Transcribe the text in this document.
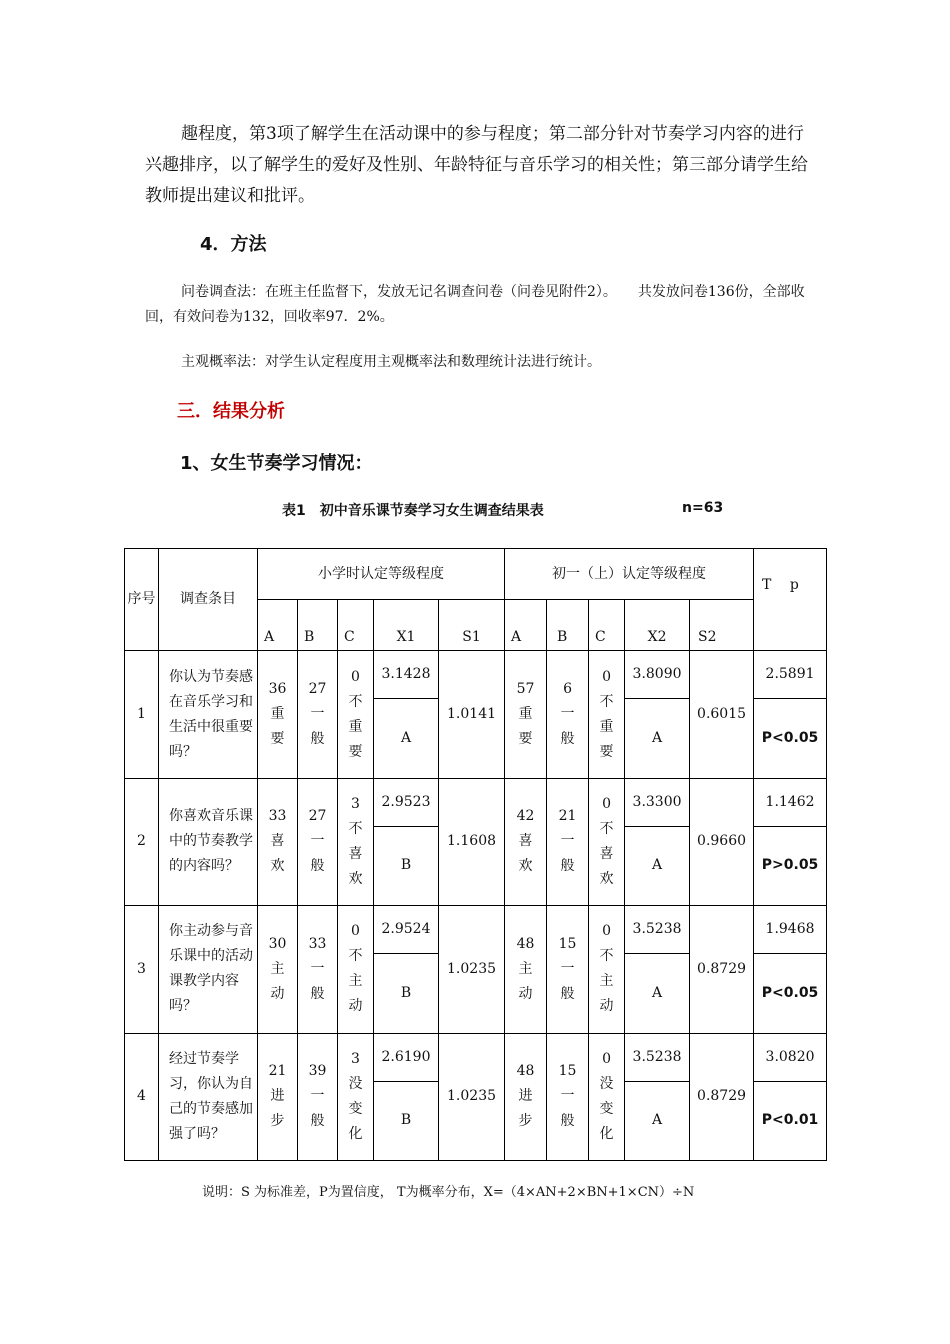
趣程度，第3项了解学生在活动课中的参与程度；第二部分针对节奏学习内容的进行兴趣排序，以了解学生的爱好及性别、年龄特征与音乐学习的相关性；第三部分请学生给教师提出建议和批评。

4．方法

问卷调查法：在班主任监督下，发放无记名调查问卷（问卷见附件2）。　　共发放问卷136份，全部收回，有效问卷为132，回收率97．2%。

主观概率法：对学生认定程度用主观概率法和数理统计法进行统计。

三．结果分析

1、女生节奏学习情况：

表1　初中音乐课节奏学习女生调查结果表	n=63
序号	调查条目	小学时认定等级程度					初一（上）认定等级程度					T　 p
		A	B	C	X1	S1	A	B	C	X2	S2	
1	你认为节奏感在音乐学习和生活中很重要吗？	36重要	27一般	0不重要	3.1428	1.0141	57重要	6一般	0不重要	3.8090	0.6015	2.5891
					A					A		P<0.05
2	你喜欢音乐课中的节奏教学的内容吗？	33喜欢	27一般	3不喜欢	2.9523	1.1608	42喜欢	21一般	0不喜欢	3.3300	0.9660	1.1462
					B					A		P>0.05
3	你主动参与音乐课中的活动课教学内容吗？	30主动	33一般	0不主动	2.9524	1.0235	48主动	15一般	0不主动	3.5238	0.8729	1.9468
					B					A		P<0.05
4	经过节奏学习，你认为自己的节奏感加强了吗？	21进步	39一般	3没变化	2.6190	1.0235	48进步	15一般	0没变化	3.5238	0.8729	3.0820
					B					A		P<0.01

说明：S 为标准差，P为置信度， T为概率分布，X=（4×AN+2×BN+1×CN）÷N
